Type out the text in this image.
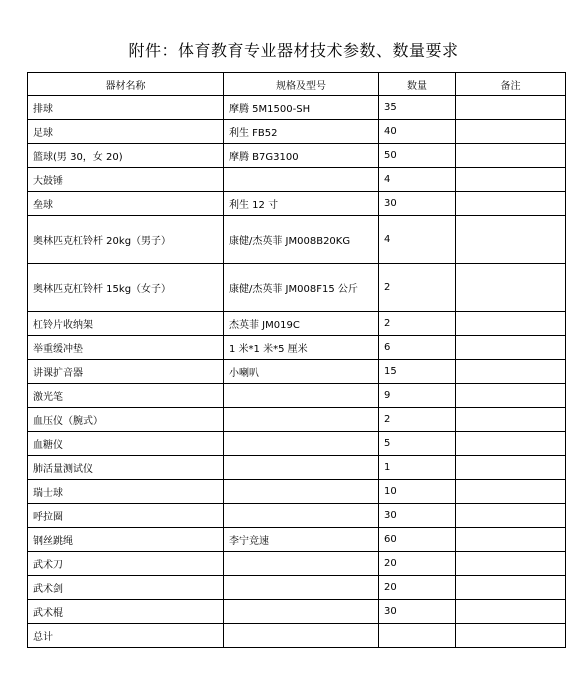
附件：体育教育专业器材技术参数、数量要求
器材名称	规格及型号	数量	备注
排球	摩腾 5M1500-SH	35	
足球	利生 FB52	40	
篮球(男 30，女 20)	摩腾 B7G3100	50	
大鼓锤		4	
垒球	利生 12 寸	30	
奥林匹克杠铃杆 20kg（男子）	康健/杰英菲 JM008B20KG	4	
奥林匹克杠铃杆 15kg（女子）	康健/杰英菲 JM008F15 公斤	2	
杠铃片收纳架	杰英菲 JM019C	2	
举重缓冲垫	1 米*1 米*5 厘米	6	
讲课扩音器	小喇叭	15	
激光笔		9	
血压仪（腕式）		2	
血糖仪		5	
肺活量测试仪		1	
瑞士球		10	
呼拉圈		30	
钢丝跳绳	李宁竞速	60	
武术刀		20	
武术剑		20	
武术棍		30	
总计			
